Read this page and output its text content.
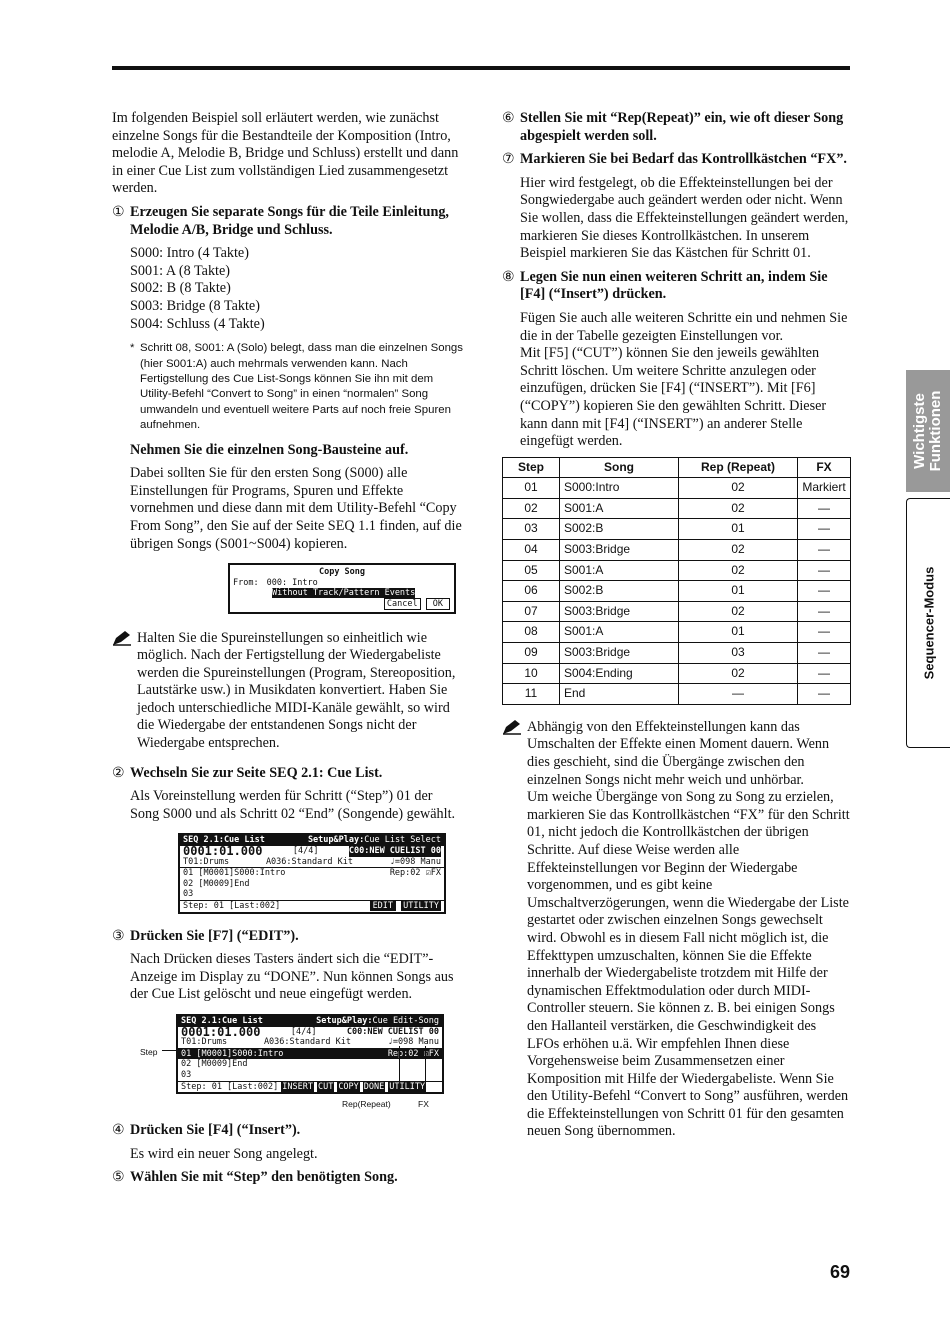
Wichtigste Funktionen
Sequencer-Modus

Im folgenden Beispiel soll erläutert werden, wie zunächst einzelne Songs für die Bestandteile der Komposition (Intro, melodie A, Melodie B, Bridge und Schluss) erstellt und dann in einer Cue List zum vollständigen Lied zusammengesetzt werden.

① Erzeugen Sie separate Songs für die Teile Einleitung, Melodie A/B, Bridge und Schluss.
S000: Intro (4 Takte)
S001: A (8 Takte)
S002: B (8 Takte)
S003: Bridge (8 Takte)
S004: Schluss (4 Takte)
* Schritt 08, S001: A (Solo) belegt, dass man die einzelnen Songs (hier S001:A) auch mehrmals verwenden kann. Nach Fertigstellung des Cue List-Songs können Sie ihn mit dem Utility-Befehl “Convert to Song” in einen “normalen” Song umwandeln und eventuell weitere Parts auf noch freie Spuren aufnehmen.

Nehmen Sie die einzelnen Song-Bausteine auf.

Dabei sollten Sie für den ersten Song (S000) alle Einstellungen für Programs, Spuren und Effekte vornehmen und diese dann mit dem Utility-Befehl “Copy From Song”, den Sie auf der Seite SEQ 1.1 finden, auf die übrigen Songs (S001~S004) kopieren.

Copy Song
From: 000: Intro
Without Track/Pattern Events
Cancel OK
Halten Sie die Spureinstellungen so einheitlich wie möglich. Nach der Fertigstellung der Wiedergabeliste werden die Spureinstellungen (Program, Stereoposition, Lautstärke usw.) in Musikdaten konvertiert. Haben Sie jedoch unterschiedliche MIDI-Kanäle gewählt, so wird die Wiedergabe der entstandenen Songs nicht der Wiedergabe entsprechen.
② Wechseln Sie zur Seite SEQ 2.1: Cue List.

Als Voreinstellung werden für Schritt (“Step”) 01 der Song S000 und als Schritt 02 “End” (Songende) gewählt.

SEQ 2.1:Cue List	Setup&Play:Cue List Select
0001:01.000	[4/4]	C00:NEW CUELIST 00
T01:Drums	A036:Standard Kit	♩=098 Manu
01 [M0001]S000:Intro	Rep:02 ☑FX
02 [M0009]End
03
Step: 01 [Last:002]	EDIT UTILITY
③ Drücken Sie [F7] (“EDIT”).

Nach Drücken dieses Tasters ändert sich die “EDIT”-Anzeige im Display zu “DONE”. Nun können Songs aus der Cue List gelöscht und neue eingefügt werden.

Step
SEQ 2.1:Cue List	Setup&Play:Cue Edit-Song
0001:01.000	[4/4]	C00:NEW CUELIST 00
T01:Drums	A036:Standard Kit	♩=098 Manu
01 [M0001]S000:Intro	Rep:02 ☑FX
02 [M0009]End
03
Step: 01 [Last:002] INSERT CUT COPY DONE UTILITY
Rep(Repeat)	FX
④ Drücken Sie [F4] (“Insert”).

Es wird ein neuer Song angelegt.

⑤ Wählen Sie mit “Step” den benötigten Song.
⑥ Stellen Sie mit “Rep(Repeat)” ein, wie oft dieser Song abgespielt werden soll.
⑦ Markieren Sie bei Bedarf das Kontrollkästchen “FX”.

Hier wird festgelegt, ob die Effekteinstellungen bei der Songwiedergabe auch geändert werden oder nicht. Wenn Sie wollen, dass die Effekteinstellungen geändert werden, markieren Sie dieses Kontrollkästchen. In unserem Beispiel markieren Sie das Kästchen für Schritt 01.

⑧ Legen Sie nun einen weiteren Schritt an, indem Sie [F4] (“Insert”) drücken.

Fügen Sie auch alle weiteren Schritte ein und nehmen Sie die in der Tabelle gezeigten Einstellungen vor.

Mit [F5] (“CUT”) können Sie den jeweils gewählten Schritt löschen. Um weitere Schritte anzulegen oder einzufügen, drücken Sie [F4] (“INSERT”). Mit [F6] (“COPY”) kopieren Sie den gewählten Schritt. Dieser kann dann mit [F4] (“INSERT”) an anderer Stelle eingefügt werden.

Step	Song	Rep (Repeat)	FX
01	S000:Intro	02	Markiert
02	S001:A	02	—
03	S002:B	01	—
04	S003:Bridge	02	—
05	S001:A	02	—
06	S002:B	01	—
07	S003:Bridge	02	—
08	S001:A	01	—
09	S003:Bridge	03	—
10	S004:Ending	02	—
11	End	—	—
Abhängig von den Effekteinstellungen kann das Umschalten der Effekte einen Moment dauern. Wenn dies geschieht, sind die Übergänge zwischen den einzelnen Songs nicht mehr weich und unhörbar.
Um weiche Übergänge von Song zu Song zu erzielen, markieren Sie das Kontrollkästchen “FX” für den Schritt 01, nicht jedoch die Kontrollkästchen der übrigen Schritte. Auf diese Weise werden alle Effekteinstellungen vor Beginn der Wiedergabe vorgenommen, und es gibt keine Umschaltverzögerungen, wenn die Wiedergabe der Liste gestartet oder zwischen einzelnen Songs gewechselt wird. Obwohl es in diesem Fall nicht möglich ist, die Effekttypen umzuschalten, können Sie die Effekte innerhalb der Wiedergabeliste trotzdem mit Hilfe der dynamischen Effektmodulation oder durch MIDI-Controller steuern. Sie können z. B. bei einigen Songs den Hallanteil verstärken, die Geschwindigkeit des LFOs erhöhen u.ä. Wir empfehlen Ihnen diese Vorgehensweise beim Zusammensetzen einer Komposition mit Hilfe der Wiedergabeliste. Wenn Sie den Utility-Befehl “Convert to Song” ausführen, werden die Effekteinstellungen von Schritt 01 für den gesamten neuen Song übernommen.
69
